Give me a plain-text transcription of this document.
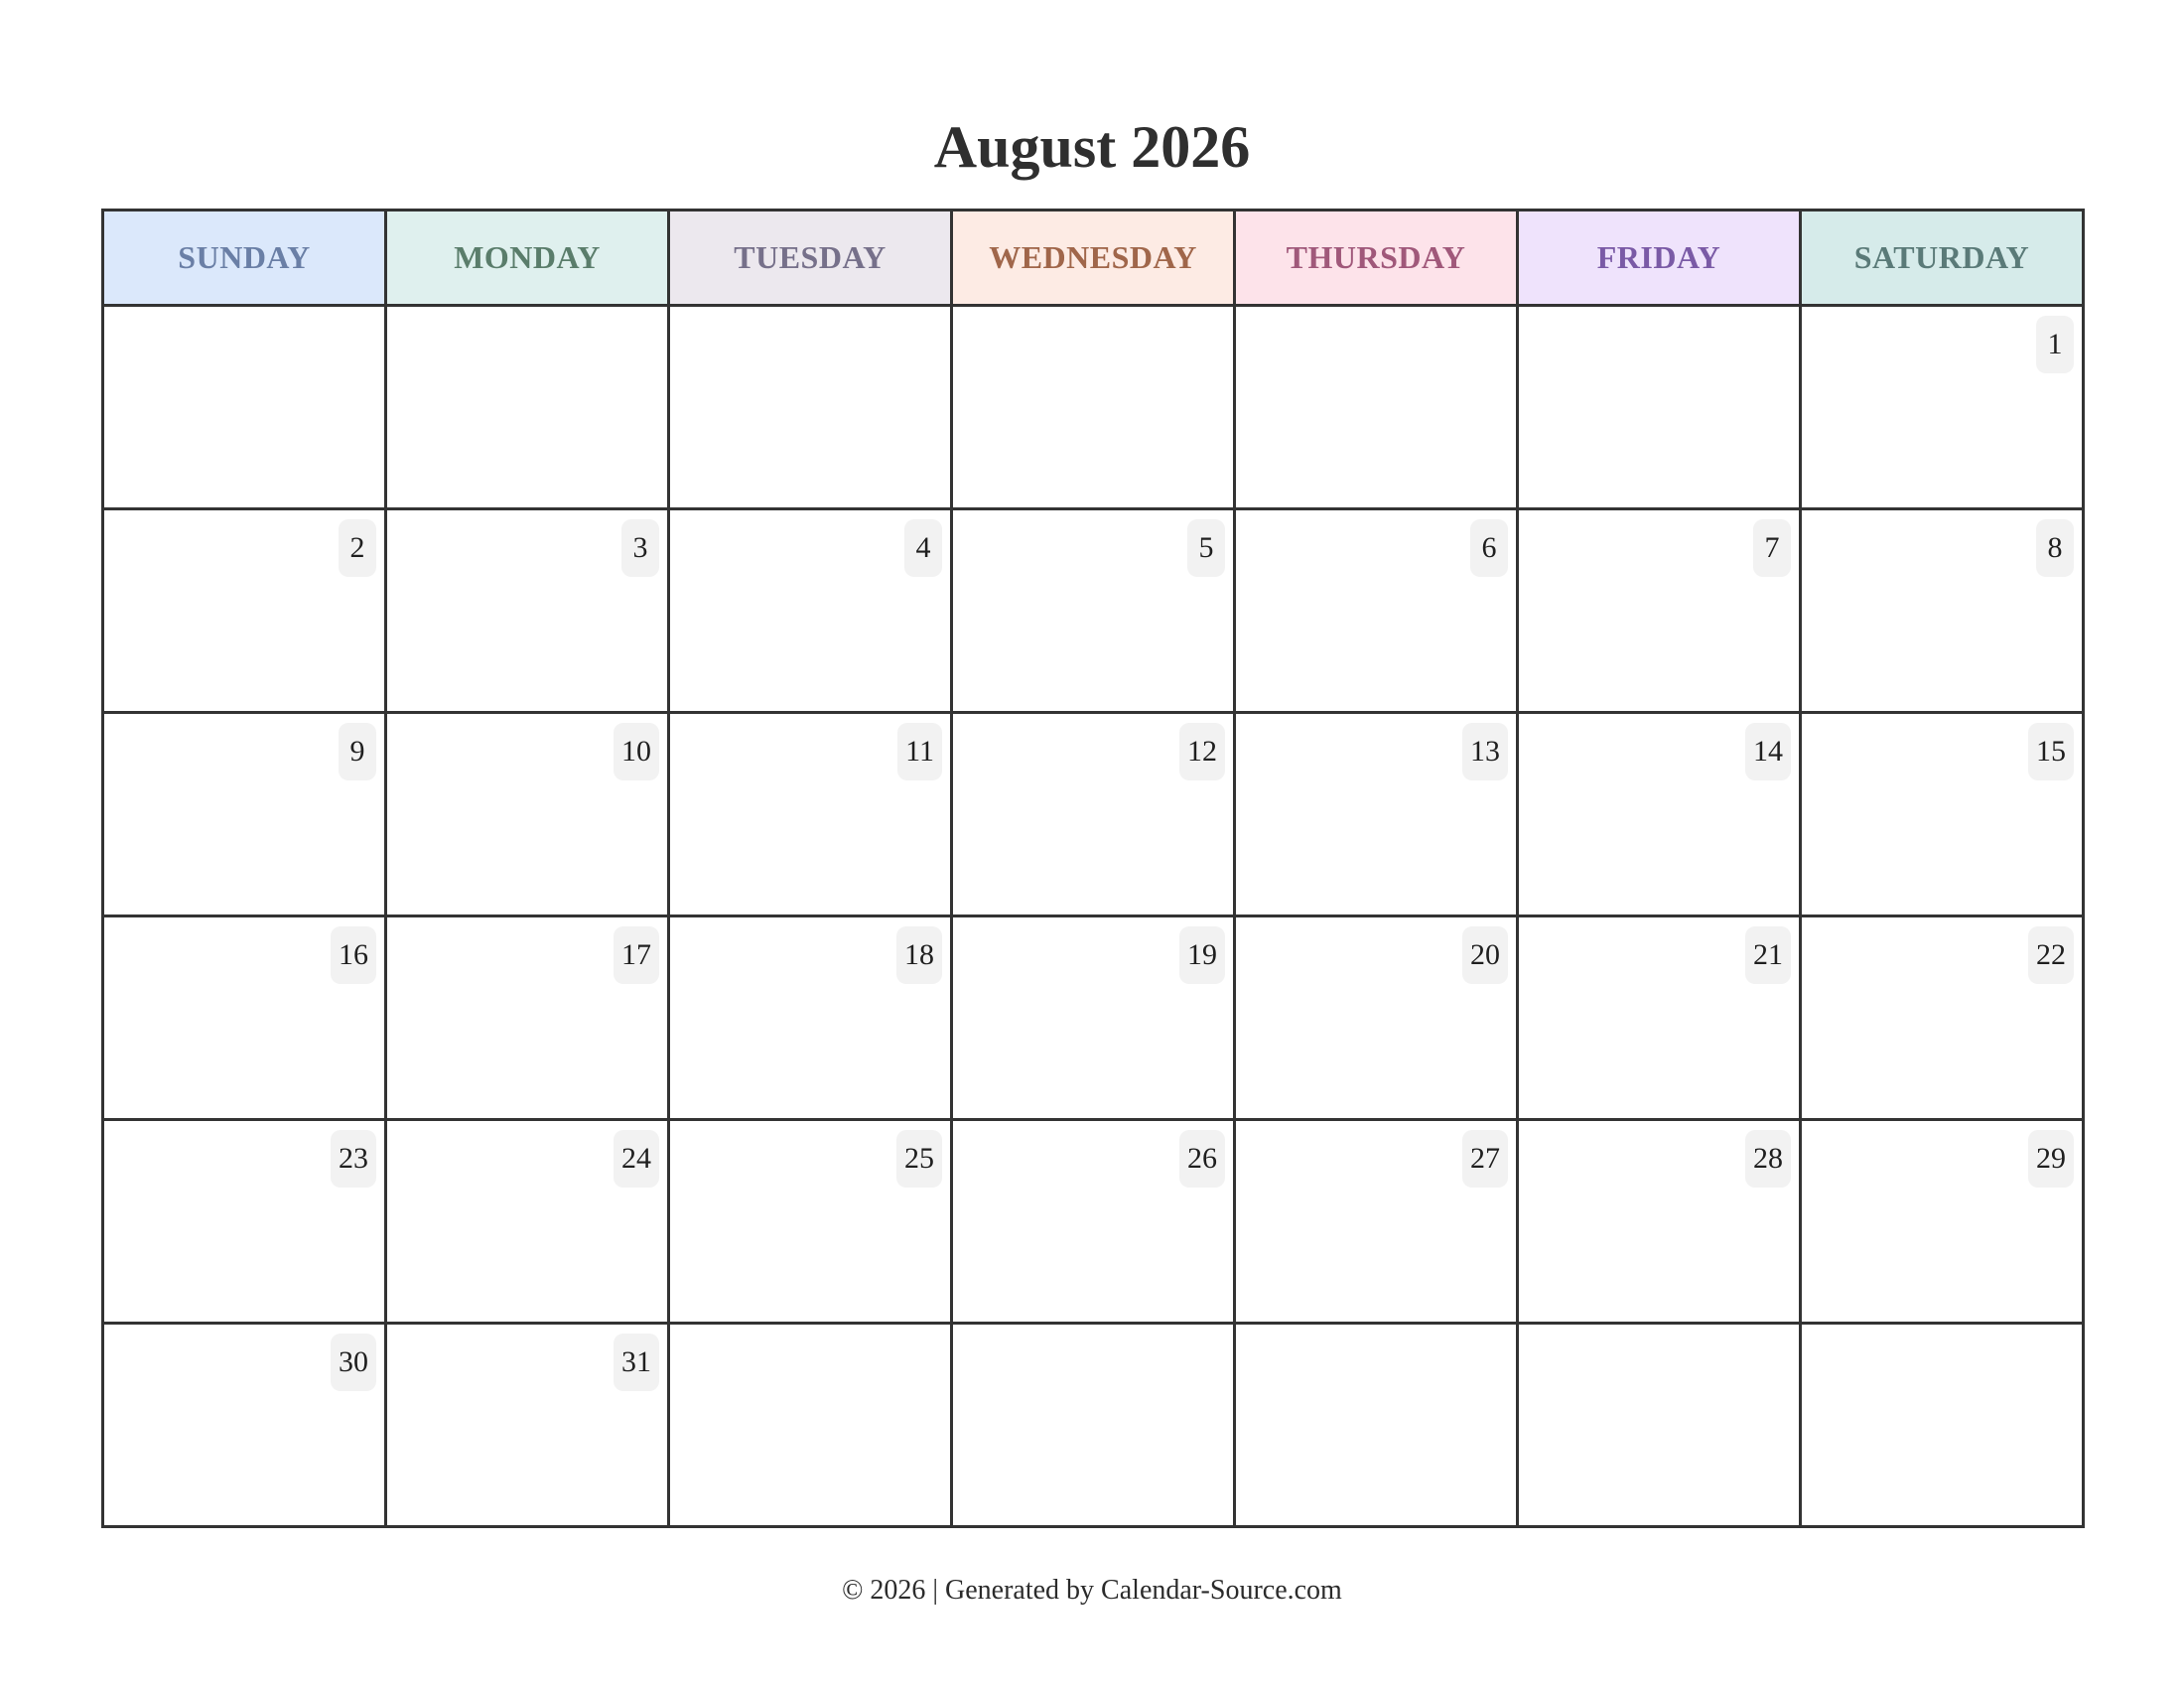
August 2026
SUNDAY	MONDAY	TUESDAY	WEDNESDAY	THURSDAY	FRIDAY	SATURDAY

						1

2	3	4	5	6	7	8

9	10	11	12	13	14	15

16	17	18	19	20	21	22

23	24	25	26	27	28	29

30	31					

© 2026 | Generated by Calendar-Source.com
